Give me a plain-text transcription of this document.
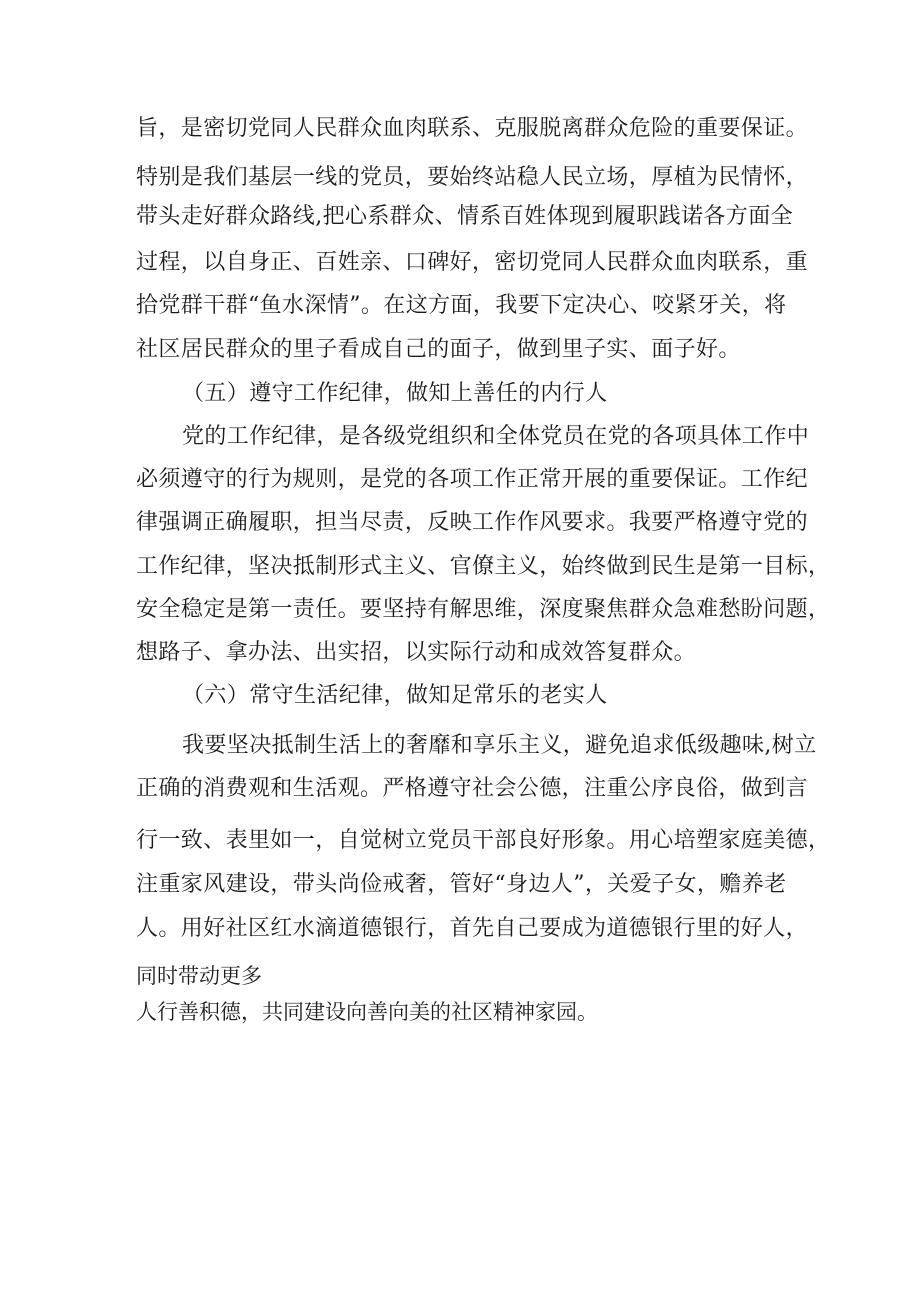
旨，是密切党同人民群众血肉联系、克服脱离群众危险的重要保证。
特别是我们基层一线的党员，要始终站稳人民立场，厚植为民情怀，
带头走好群众路线,把心系群众、情系百姓体现到履职践诺各方面全
过程，以自身正、百姓亲、口碑好，密切党同人民群众血肉联系，重
拾党群干群“鱼水深情”。在这方面，我要下定决心、咬紧牙关，将
社区居民群众的里子看成自己的面子，做到里子实、面子好。
（五）遵守工作纪律，做知上善任的内行人
党的工作纪律，是各级党组织和全体党员在党的各项具体工作中
必须遵守的行为规则，是党的各项工作正常开展的重要保证。工作纪
律强调正确履职，担当尽责，反映工作作风要求。我要严格遵守党的
工作纪律，坚决抵制形式主义、官僚主义，始终做到民生是第一目标，
安全稳定是第一责任。要坚持有解思维，深度聚焦群众急难愁盼问题，
想路子、拿办法、出实招，以实际行动和成效答复群众。
（六）常守生活纪律，做知足常乐的老实人
我要坚决抵制生活上的奢靡和享乐主义，避免追求低级趣味,树立
正确的消费观和生活观。严格遵守社会公德，注重公序良俗，做到言
行一致、表里如一，自觉树立党员干部良好形象。用心培塑家庭美德，
注重家风建设，带头尚俭戒奢，管好“身边人”，关爱子女，赡养老
人。用好社区红水滴道德银行，首先自己要成为道德银行里的好人，
同时带动更多
人行善积德，共同建设向善向美的社区精神家园。
